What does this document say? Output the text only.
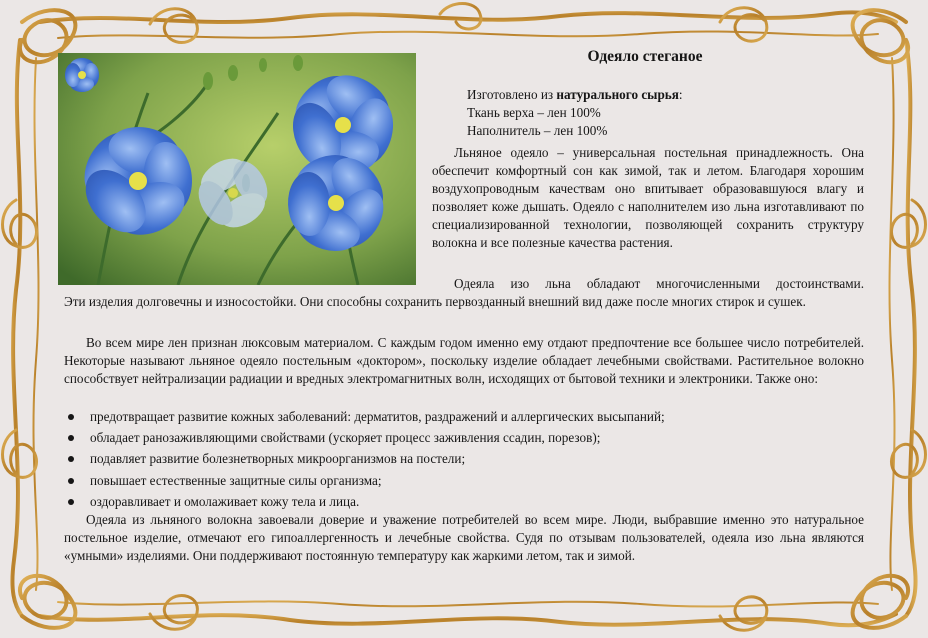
Одеяло стеганое

Изготовлено из натурального сырья:

Ткань верха – лен 100%

Наполнитель – лен 100%

Льняное одеяло – универсальная постельная принадлежность. Она обеспечит комфортный сон как зимой, так и летом. Благодаря хорошим воздухопроводным качествам оно впитывает образовавшуюся влагу и позволяет коже дышать. Одеяло с наполнителем изо льна изготавливают по специализированной технологии, позволяющей сохранить структуру волокна и все полезные качества растения.

Одеяла изо льна обладают многочисленными достоинствами.

Эти изделия долговечны и износостойки. Они способны сохранить первозданный внешний вид даже после многих стирок и сушек.

Во всем мире лен признан люксовым материалом. С каждым годом именно ему отдают предпочтение все большее число потребителей. Некоторые называют льняное одеяло постельным «доктором», поскольку изделие обладает лечебными свойствами. Растительное волокно способствует нейтрализации радиации и вредных электромагнитных волн, исходящих от бытовой техники и электроники. Также оно:

предотвращает развитие кожных заболеваний: дерматитов, раздражений и аллергических высыпаний;
обладает ранозаживляющими свойствами (ускоряет процесс заживления ссадин, порезов);
подавляет развитие болезнетворных микроорганизмов на постели;
повышает естественные защитные силы организма;
оздоравливает и омолаживает кожу тела и лица.

Одеяла из льняного волокна завоевали доверие и уважение потребителей во всем мире. Люди, выбравшие именно это натуральное постельное изделие, отмечают его гипоаллергенность и лечебные свойства. Судя по отзывам пользователей, одеяла изо льна являются «умными» изделиями. Они поддерживают постоянную температуру как жаркими летом, так и зимой.
